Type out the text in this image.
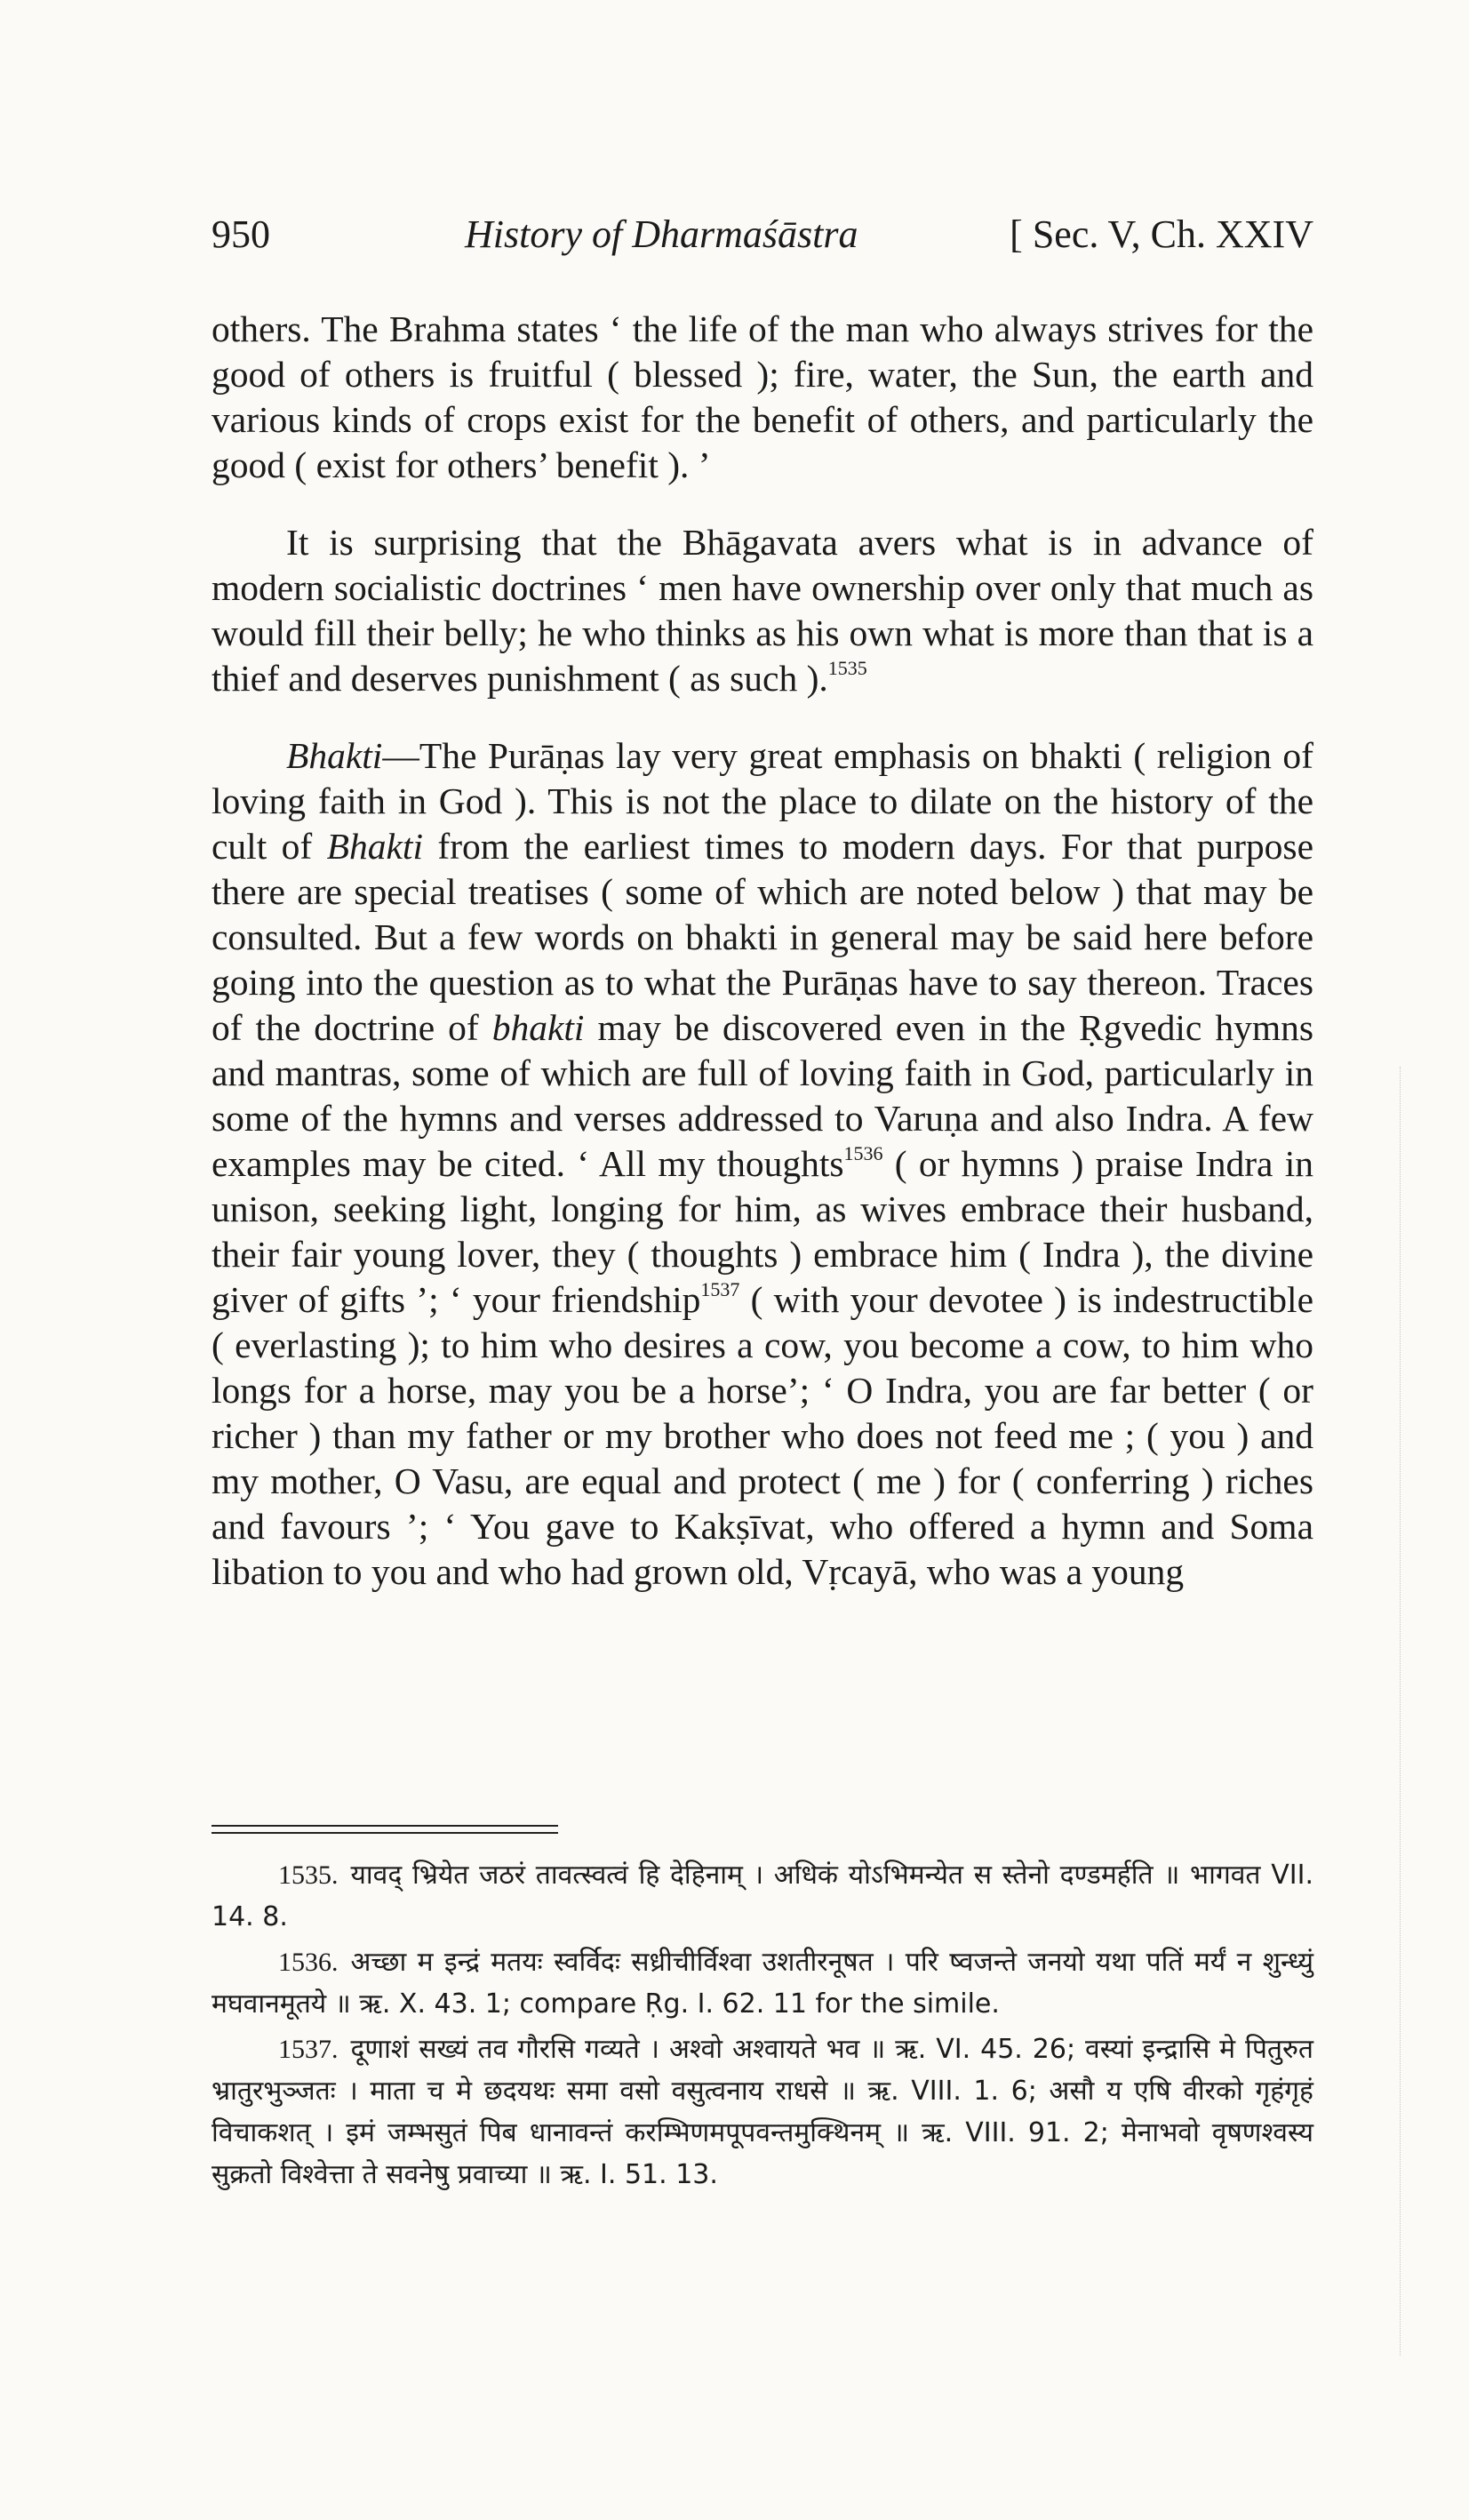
950	History of Dharmaśāstra	[ Sec. V, Ch. XXIV

others. The Brahma states ‘ the life of the man who always strives for the good of others is fruitful ( blessed ); fire, water, the Sun, the earth and various kinds of crops exist for the benefit of others, and particularly the good ( exist for others’ benefit ). ’

It is surprising that the Bhāgavata avers what is in advance of modern socialistic doctrines ‘ men have ownership over only that much as would fill their belly; he who thinks as his own what is more than that is a thief and deserves punishment ( as such ).$^{1535}$

Bhakti—The Purāṇas lay very great emphasis on bhakti ( religion of loving faith in God ). This is not the place to dilate on the history of the cult of Bhakti from the earliest times to modern days. For that purpose there are special treatises ( some of which are noted below ) that may be consulted. But a few words on bhakti in general may be said here before going into the question as to what the Purāṇas have to say thereon. Traces of the doctrine of bhakti may be discovered even in the Ṛgvedic hymns and mantras, some of which are full of loving faith in God, particularly in some of the hymns and verses addressed to Varuṇa and also Indra. A few examples may be cited. ‘ All my thoughts$^{1536}$ ( or hymns ) praise Indra in unison, seeking light, longing for him, as wives embrace their husband, their fair young lover, they ( thoughts ) embrace him ( Indra ), the divine giver of gifts ’; ‘ your friendship$^{1537}$ ( with your devotee ) is indestructible ( everlasting ); to him who desires a cow, you become a cow, to him who longs for a horse, may you be a horse’; ‘ O Indra, you are far better ( or richer ) than my father or my brother who does not feed me ; ( you ) and my mother, O Vasu, are equal and protect ( me ) for ( conferring ) riches and favours ’; ‘ You gave to Kakṣīvat, who offered a hymn and Soma libation to you and who had grown old, Vṛcayā, who was a young

1535. यावद् भ्रियेत जठरं तावत्स्वत्वं हि देहिनाम् । अधिकं योऽभिमन्येत स स्तेनो दण्डमर्हति ॥ भागवत VII. 14. 8.

1536. अच्छा म इन्द्रं मतयः स्वर्विदः सध्रीचीर्विश्वा उशतीरनूषत । परि ष्वजन्ते जनयो यथा पतिं मर्यं न शुन्ध्युं मघवानमूतये ॥ ऋ. X. 43. 1; compare Ṛg. I. 62. 11 for the simile.

1537. दूणाशं सख्यं तव गौरसि गव्यते । अश्वो अश्वायते भव ॥ ऋ. VI. 45. 26; वस्यां इन्द्रासि मे पितुरुत भ्रातुरभुञ्जतः । माता च मे छदयथः समा वसो वसुत्वनाय राधसे ॥ ऋ. VIII. 1. 6; असौ य एषि वीरको गृहंगृहं विचाकशत् । इमं जम्भसुतं पिब धानावन्तं करम्भिणमपूपवन्तमुक्थिनम् ॥ ऋ. VIII. 91. 2; मेनाभवो वृषणश्वस्य सुक्रतो विश्वेत्ता ते सवनेषु प्रवाच्या ॥ ऋ. I. 51. 13.
